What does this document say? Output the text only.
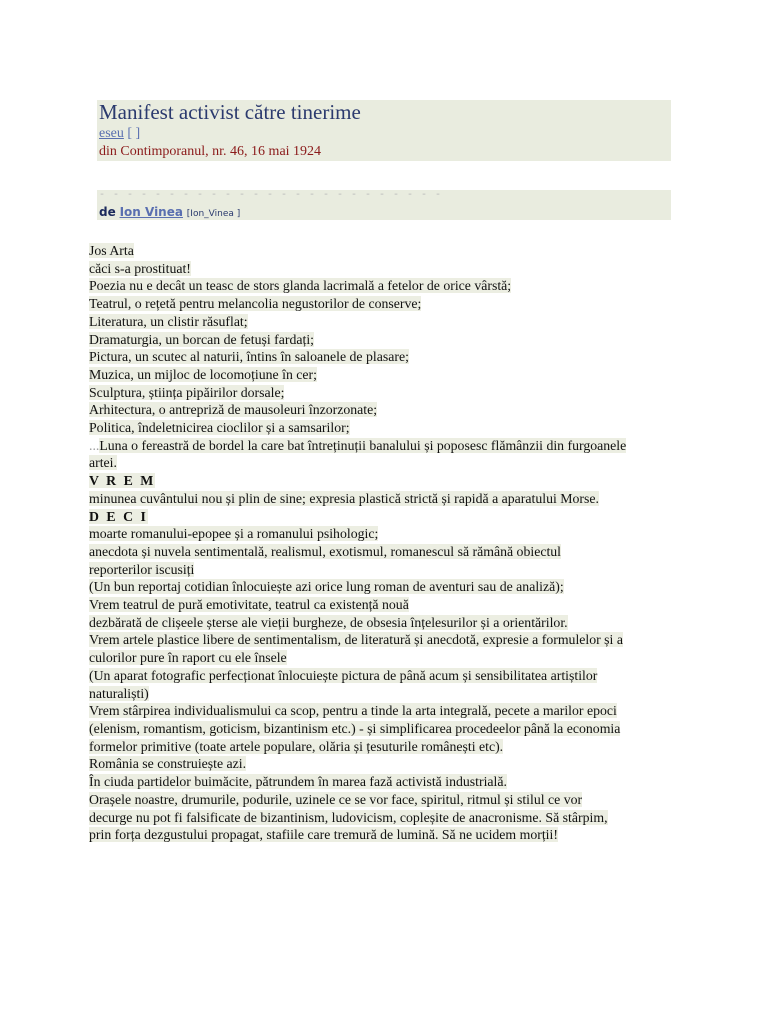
Manifest activist către tinerime
eseu [ ]
din Contimporanul, nr. 46, 16 mai 1924
- - - - - - - - - - - - - - - - - - - - - - - - -
de Ion Vinea [Ion_Vinea ]
Jos Arta
căci s-a prostituat!
Poezia nu e decât un teasc de stors glanda lacrimală a fetelor de orice vârstă;
Teatrul, o rețetă pentru melancolia negustorilor de conserve;
Literatura, un clistir răsuflat;
Dramaturgia, un borcan de fetuși fardați;
Pictura, un scutec al naturii, întins în saloanele de plasare;
Muzica, un mijloc de locomoțiune în cer;
Sculptura, știința pipăirilor dorsale;
Arhitectura, o antrepriză de mausoleuri înzorzonate;
Politica, îndeletnicirea cioclilor și a samsarilor;
...Luna o fereastră de bordel la care bat întreținuții banalului și poposesc flămânzii din furgoanele
artei.
V R E M
minunea cuvântului nou și plin de sine; expresia plastică strictă și rapidă a aparatului Morse.
D E C I
moarte romanului-epopee și a romanului psihologic;
anecdota și nuvela sentimentală, realismul, exotismul, romanescul să rămână obiectul
reporterilor iscusiți
(Un bun reportaj cotidian înlocuiește azi orice lung roman de aventuri sau de analiză);
Vrem teatrul de pură emotivitate, teatrul ca existență nouă
dezbărată de clișeele șterse ale vieții burgheze, de obsesia înțelesurilor și a orientărilor.
Vrem artele plastice libere de sentimentalism, de literatură și anecdotă, expresie a formulelor și a
culorilor pure în raport cu ele însele
(Un aparat fotografic perfecționat înlocuiește pictura de până acum și sensibilitatea artiștilor
naturaliști)
Vrem stârpirea individualismului ca scop, pentru a tinde la arta integrală, pecete a marilor epoci
(elenism, romantism, goticism, bizantinism etc.) - și simplificarea procedeelor până la economia
formelor primitive (toate artele populare, olăria și țesuturile românești etc).
România se construiește azi.
În ciuda partidelor buimăcite, pătrundem în marea fază activistă industrială.
Orașele noastre, drumurile, podurile, uzinele ce se vor face, spiritul, ritmul și stilul ce vor
decurge nu pot fi falsificate de bizantinism, ludovicism, copleșite de anacronisme. Să stârpim,
prin forța dezgustului propagat, stafiile care tremură de lumină. Să ne ucidem morții!
